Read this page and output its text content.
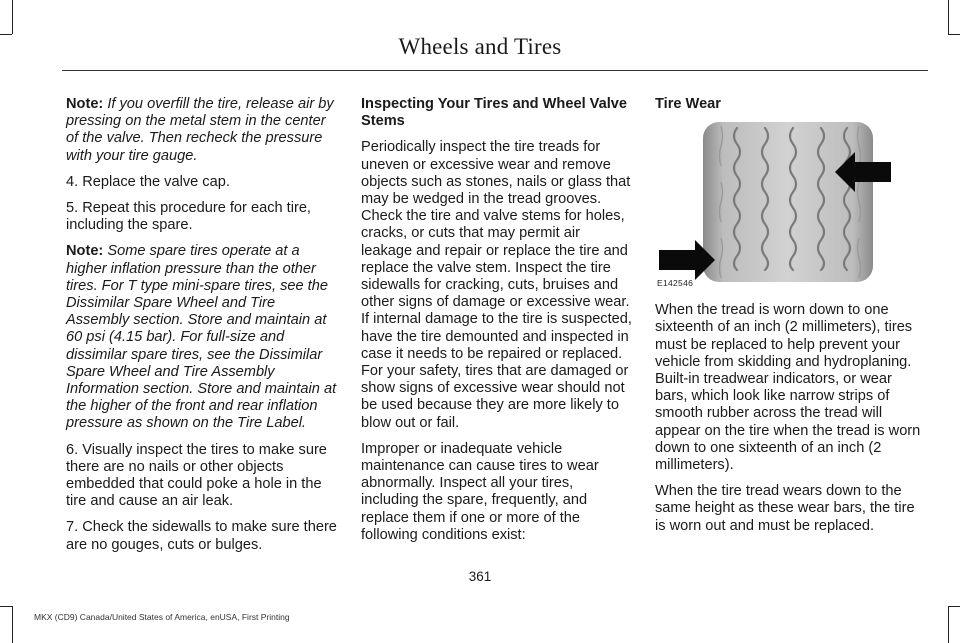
Wheels and Tires

Note: If you overfill the tire, release air by pressing on the metal stem in the center of the valve. Then recheck the pressure with your tire gauge.

4. Replace the valve cap.

5. Repeat this procedure for each tire, including the spare.

Note: Some spare tires operate at a higher inflation pressure than the other tires. For T type mini-spare tires, see the Dissimilar Spare Wheel and Tire Assembly section. Store and maintain at 60 psi (4.15 bar). For full-size and dissimilar spare tires, see the Dissimilar Spare Wheel and Tire Assembly Information section. Store and maintain at the higher of the front and rear inflation pressure as shown on the Tire Label.

6. Visually inspect the tires to make sure there are no nails or other objects embedded that could poke a hole in the tire and cause an air leak.

7. Check the sidewalls to make sure there are no gouges, cuts or bulges.

Inspecting Your Tires and Wheel Valve Stems

Periodically inspect the tire treads for uneven or excessive wear and remove objects such as stones, nails or glass that may be wedged in the tread grooves. Check the tire and valve stems for holes, cracks, or cuts that may permit air leakage and repair or replace the tire and replace the valve stem. Inspect the tire sidewalls for cracking, cuts, bruises and other signs of damage or excessive wear. If internal damage to the tire is suspected, have the tire demounted and inspected in case it needs to be repaired or replaced. For your safety, tires that are damaged or show signs of excessive wear should not be used because they are more likely to blow out or fail.

Improper or inadequate vehicle maintenance can cause tires to wear abnormally. Inspect all your tires, including the spare, frequently, and replace them if one or more of the following conditions exist:

Tire Wear
E142546

When the tread is worn down to one sixteenth of an inch (2 millimeters), tires must be replaced to help prevent your vehicle from skidding and hydroplaning. Built-in treadwear indicators, or wear bars, which look like narrow strips of smooth rubber across the tread will appear on the tire when the tread is worn down to one sixteenth of an inch (2 millimeters).

When the tire tread wears down to the same height as these wear bars, the tire is worn out and must be replaced.

361
MKX (CD9) Canada/United States of America, enUSA, First Printing
